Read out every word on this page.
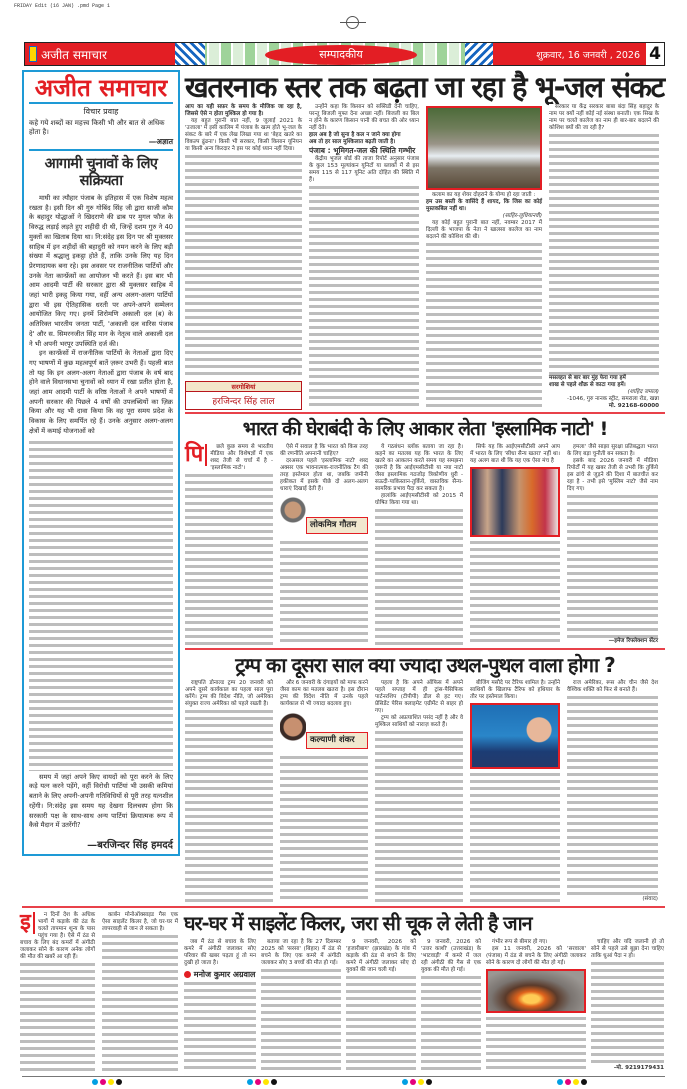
FRIDAY Edit (16 JAN) .pmd Page 1
अजीत समाचार	सम्पादकीय	शुक्रवार, 16 जनवरी , 2026 4
अजीत समाचार
विचार प्रवाह
कहे गये शब्दों का महत्त्व किसी भी और बात से अधिक होता है।
—अज्ञात
आगामी चुनावों के लिए सक्रियता

माघी का त्यौहार पंजाब के इतिहास में एक विशेष महत्व रखता है। इसी दिन श्री गुरु गोबिंद सिंह जी द्वारा साजी कौम के बहादुर योद्धाओं ने खिदराणे की ढाब पर मुगल फौज के विरुद्ध लड़ाई लड़ते हुए शहीदी दी थी, जिन्हें दशम गुरु ने 40 मुक्तों का खिताब दिया था। नि:संदेह इस दिन पर श्री मुक्तसर साहिब में इन शहीदों की बहादुरी को नमन करने के लिए बड़ी संख्या में श्रद्धालु इकट्ठा होते हैं, ताकि उनके लिए यह दिन प्रेरणादायक बना रहे। इस अवसर पर राजनीतिक पार्टियों और उनके नेता कान्फ्रेंसों का आयोजन भी करते हैं। इस बार भी आम आदमी पार्टी की सरकार द्वारा श्री मुक्तसर साहिब में जहां भारी इकट्ठ किया गया, वहीं अन्य अलग-अलग पार्टियों द्वारा भी इस ऐतिहासिक धरती पर अपने-अपने सम्मेलन आयोजित किए गए। इनमें शिरोमणि अकाली दल (ब) के अतिरिक्त भारतीय जनता पार्टी, 'अकाली दल वारिस पंजाब दे' और स. सिमरनजीत सिंह मान के नेतृत्व वाले अकाली दल ने भी अपनी भरपूर उपस्थिति दर्ज की।

इन कान्फ्रेंसों में राजनीतिक पार्टियों के नेताओं द्वारा दिए गए भाषणों में कुछ महत्वपूर्ण बातें ज़रूर उभरी हैं। पहली बात तो यह कि इन अलग-अलग नेताओं द्वारा पंजाब के वर्ष बाद होने वाले विधानसभा चुनावों को ध्यान में रखा प्रतीत होता है, जहां आम आदमी पार्टी के वरिष्ठ नेताओं ने अपने भाषणों में अपनी सरकार की पिछले 4 वर्षों की उपलब्धियों का ज़िक्र किया और यह भी दावा किया कि वह पूरा समय प्रदेश के विकास के लिए समर्पित रहे हैं। उनके अनुसार अलग-अलग क्षेत्रों में कमाई योजनाओं को

समय में जहां अपने किए वायदों को पूरा करने के लिए कड़े यत्न करने पड़ेंगे, वहीं विरोधी पार्टियां भी उसकी कमियां बताने के लिए अपनी-अपनी गतिविधियों से पूरी तरह यत्नशील रहेंगी। नि:संदेह इस समय यह देखना दिलचस्प होगा कि सरकारी पक्ष के साथ-साथ अन्य पार्टियां क्रियात्मक रूप में कैसे मैदान में उतरेंगी?

—बरजिन्दर सिंह हमदर्द
खतरनाक स्तर तक बढ़ता जा रहा है भू-जल संकट

आप का यही सफ़र के समय के मौजिक जा रहा है, जिससे ऐसे न होता मुश्किल हो गया है।

यह बहुत पुरानी बात नहीं, 9 जुलाई 2021 के 'उजाला' में इसी कालिम में पंजाब के खत्म होते भू-जल के संकट के बारे में एक लेख लिखा गया था 'बेहद खतरे का विकल्प ढूंढना'। किसी भी सरकार, किसी किसान यूनियन या किसी अन्य किरदार ने इस पर कोई ध्यान नहीं दिया।

सरगोशियां
हरजिन्दर सिंह लाल

उन्होंने कहा कि किसान को सब्सिडी देनी चाहिए, परन्तु बिजली मुफ्त देना अच्छा नहीं। बिजली का बिल न होने के कारण किसान पानी की बचत की ओर ध्यान नहीं देते।

हाल अब है जो सुना है कल न जाने क्या होगा

अब तो हर साल मुश्किलात बढ़ती जाती है।

पंजाब : भूमिगत-जल की स्थिति गम्भीर

केंद्रीय भूजल बोर्ड की ताजा रिपोर्ट अनुसार पंजाब के कुल 153 मूल्यांकन यूनिटों या ब्लाकों में से इस समय 115 से 117 यूनिट अति दोहित की स्थिति में हैं।

कलाम का यह शेयर दोहराने के योग्य हो रहा जाती :

हम उस बस्ती के वासिंदे हैं शायद, कि जिस का कोई मुस्तकबिल नहीं था।

(साहिर-लुधियानवी)

यह कोई बहुत पुरानी बात नहीं, नवम्बर 2017 में दिल्ली के भाजपा के नेता ने खालसा कालेज का नाम बदलने की कोशिश की थी।

सरकार या केंद्र सरकार बाबा बंदा सिंह बहादुर के नाम पर क्यों नहीं कोई नई संस्था बनाती। एक सिख के नाम पर चलते कालेज का नाम ही बार-बार बदलने की कोशिश क्यों की जा रही है?

मसलहत से बार बार मुंह फेरा गया हमें

शाख से पहले शौक़ से काटा गया हमें।

(शाहिद जमाल)

-1046, गुरु नानक स्ट्रीट, समराला रोड, खन्ना

मो. 92168-60000

भारत की घेराबंदी के लिए आकार लेता 'इस्लामिक नाटो' !

पि	छले कुछ समय से भारतीय मीडिया और विशेषज्ञों में एक शब्द तेजी से चर्चा में है - 'इस्लामिक नाटो'।

ऐसे में सवाल है कि भारत को किस तरह की रणनीति अपनानी चाहिए?

दरअसल पहले 'इस्लामिक नाटो' शब्द अक्सर एक भावनात्मक-राजनीतिक टैग की तरह इस्तेमाल होता था, जबकि जमीनी हकीकत में इसके पीछे दो अलग-अलग धाराएं दिखाई देती हैं।

लोकमित्र गौतम

ये गठबंधन ब्लॉक बताया जा रहा है। कहने का मतलब यह कि भारत के लिए खतरे का आकलन करते समय यह समझना ज़रूरी है कि आईएमसीटीसी या नया नाटो जैसा इस्लामिक गठजोड़ त्रिकोणीय धुरी - सऊदी-पाकिस्तान-तुर्किये, वास्तविक सैन्य-सामरिक प्रभाव पैदा कर सकता है।

हालांकि आईएमसीटीसी को 2015 में घोषित किया गया था।

सिर्फ यह कि आईएमसीटीसी अपने आप में भारत के लिए 'सीधा सैन्य खतरा' नहीं था। यह अलग बात थी कि यह एक ऐसा मंच है

हमला' जैसे साझा सुरक्षा प्रतिबद्धता भारत के लिए बड़ा चुनौती बन सकता है।

इसके बाद 2026 जनवरी में मीडिया रिपोर्टों में यह खबर तेजी से उभरी कि तुर्किये इस ढांचे से जुड़ने की दिशा में बातचीत कर रहा है - तभी इसे 'मुस्लिम नाटो' जैसे नाम दिए गए।

—इमेज रिफ्लेक्शन सेंटर

ट्रम्प का दूसरा साल क्या ज्यादा उथल-पुथल वाला होगा ?

राष्ट्रपति डोनाल्ड ट्रम्प 20 जनवरी को अपने दूसरे कार्यकाल का पहला साल पूरा करेंगे। ट्रम्प की विदेश नीति, जो अमेरिका संयुक्त राज्य अमेरिका को पहले रखती है।

और 6 जनवरी के दंगाइयों को माफ करने जैसा काम का मतलब खतरा है। इस दौरान ट्रम्प की विदेश नीति में उनके पहले कार्यकाल से भी ज्यादा बदलाव हुए।

कल्याणी शंकर

पहला है कि अपने ऑफिस में अपने पहले सप्ताह में ही ट्रांस-पैसिफिक पार्टनरशिप (टीपीपी) डील से हट गए। प्रेसिडेंट पेरिस क्लाइमेट एग्रीमेंट से बाहर हो गए।

ट्रम्प को अप्रत्याशित पसंद नहीं है और वे मुश्किल साथियों को नाराज़ करते हैं।

बीजिंग मसौदे पर टैरिफ शामिल है। उन्होंने साथियों के खिलाफ टैरिफ को हथियार के तौर पर इस्तेमाल किया।

राज अमेरिका, रूस और चीन जैसे देश वैश्विक शक्ति को फिर से बनाते हैं।

(संवाद)

इ	न दिनों देश के अधिक भागों में कड़ाके की ठंड के चलते तापमान शून्य के पास पहुंच गया है। ऐसे में ठंड से बचाव के लिए बंद कमरों में अंगीठी जलाकर सोने के कारण अनेक लोगों की मौत की खबरें आ रही हैं।

कार्बन मोनोऑक्साइड गैस एक ऐसा साइलेंट किलर है, जो घर-घर में लापरवाही से जान ले सकता है। घर-घर में साइलेंट किलर, जरा सी चूक ले लेती है जान

जब मैं ठंड से बचाव के लिए कमरे में अंगीठी जलाकर सोए परिवार की खबर पढ़ता हूं तो मन दुखी हो जाता है।

मनोज कुमार अग्रवाल

बताया जा रहा है कि 27 दिसम्बर 2025 को 'सरसा' (बिहार) में ठंड से बचने के लिए एक कमरे में अंगीठी जलाकर सोए 3 बच्चों की मौत हो गई।

9 जनवरी, 2026 को 'हजारीबाग' (झारखंड) के गांव में कड़ाके की ठंड से बचने के लिए कमरे में अंगीठी जलाकर सोए दो युवकों की जान चली गई।

9 जनवरी, 2026 को 'उत्तर काशी' (उत्तराखंड) के 'भाटवाड़ी' में कमरे में जल रही अंगीठी की गैस से एक युवक की मौत हो गई।

गंभीर रूप से बीमार हो गए।

इस 11 जनवरी, 2026 को 'सरवाला' (पंजाब) में ठंड से बचने के लिए अंगीठी जलाकर सोने के कारण दो लोगों की मौत हो गई।

चाहिए और यदि जलानी हो तो सोने से पहले उसे बुझा देना चाहिए ताकि धुआं पैदा न हो।

-मो. 9219179431
